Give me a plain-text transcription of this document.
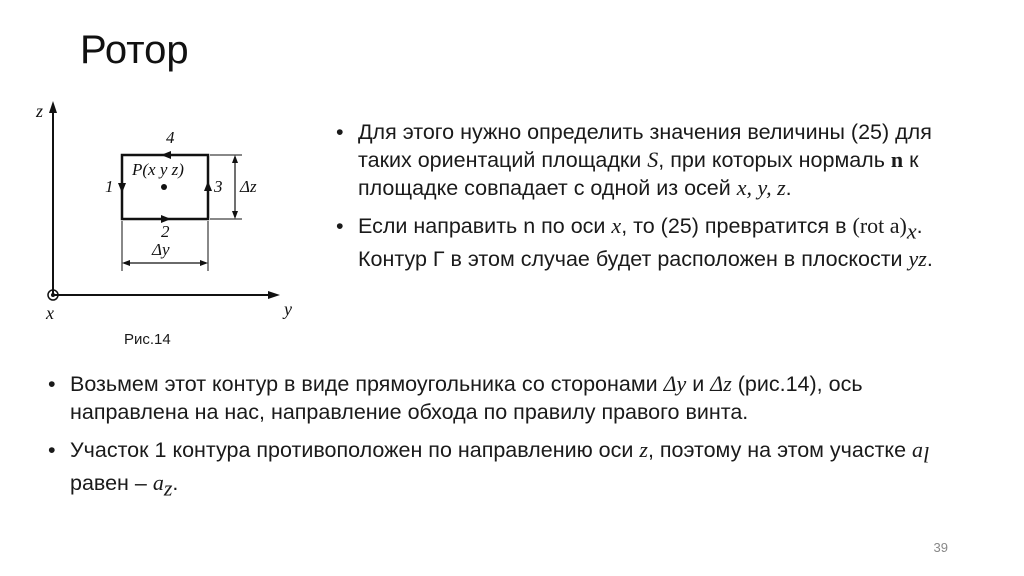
Ротор
z
y
x
P(x y z)
4
1	3
2
Δz
Δy
Рис.14
• Для этого нужно определить значения величины (25) для таких ориентаций площадки S, при которых нормаль n к площадке совпадает с одной из осей x, y, z.
• Если направить n по оси x, то (25) превратится в (rot $a)_x$. Контур Г в этом случае будет расположен в плоскости yz.
• Возьмем этот контур в виде прямоугольника со сторонами Δy и Δz (рис.14), ось направлена на нас, направление обхода по правилу правого винта.
• Участок 1 контура противоположен по направлению оси z, поэтому на этом участке $a_l$ равен – $a_z$.
39
